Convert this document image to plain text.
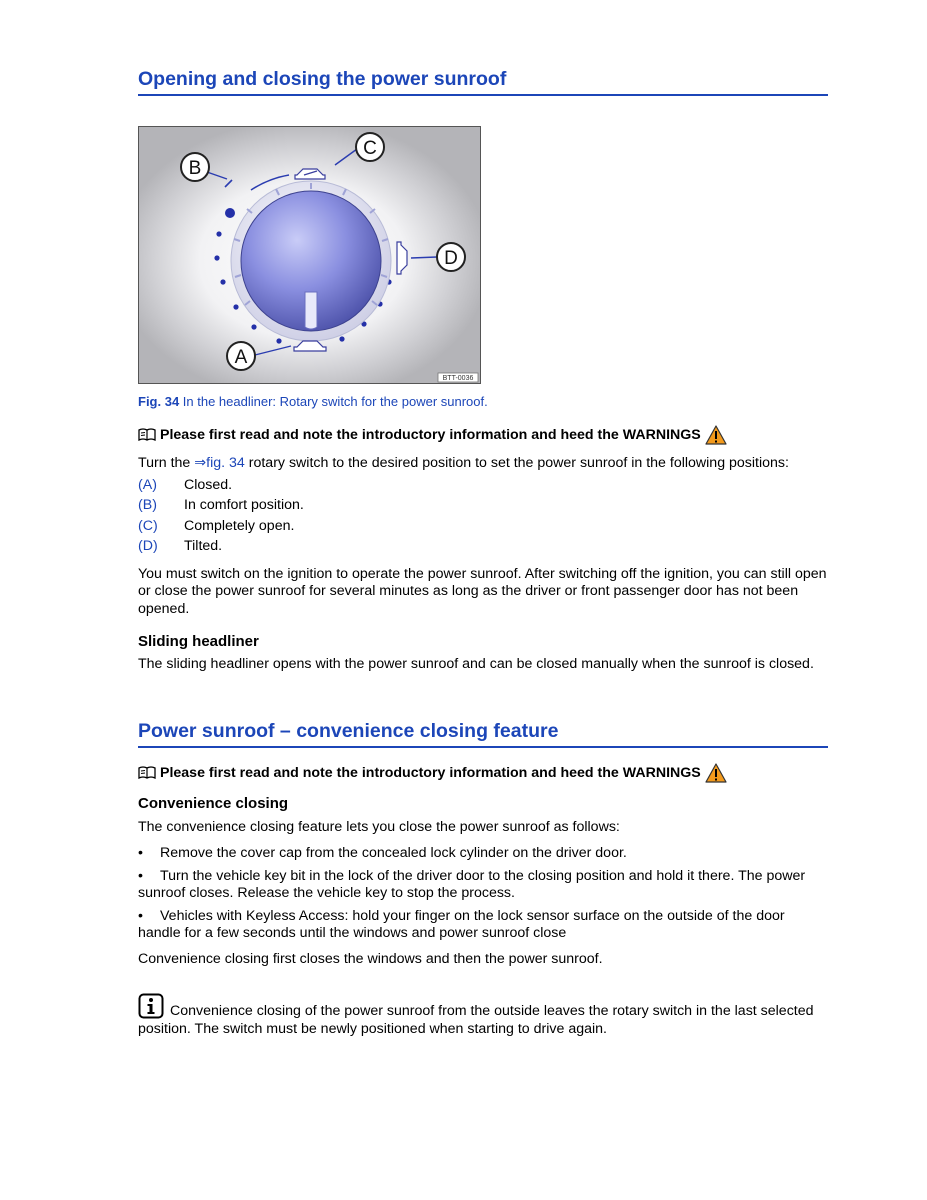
Opening and closing the power sunroof
B
C
D
A
BTT-0036
Fig. 34 In the headliner: Rotary switch for the power sunroof.
Please first read and note the introductory information and heed the WARNINGS

Turn the ⇒fig. 34 rotary switch to the desired position to set the power sunroof in the following positions:

(A)	Closed.
(B)	In comfort position.
(C)	Completely open.
(D)	Tilted.

You must switch on the ignition to operate the power sunroof. After switching off the ignition, you can still open or close the power sunroof for several minutes as long as the driver or front passenger door has not been opened.

Sliding headliner

The sliding headliner opens with the power sunroof and can be closed manually when the sunroof is closed.

Power sunroof – convenience closing feature
Please first read and note the introductory information and heed the WARNINGS
Convenience closing

The convenience closing feature lets you close the power sunroof as follows:

• Remove the cover cap from the concealed lock cylinder on the driver door.

• Turn the vehicle key bit in the lock of the driver door to the closing position and hold it there. The power sunroof closes. Release the vehicle key to stop the process.

• Vehicles with Keyless Access: hold your finger on the lock sensor surface on the outside of the door handle for a few seconds until the windows and power sunroof close

Convenience closing first closes the windows and then the power sunroof.

Convenience closing of the power sunroof from the outside leaves the rotary switch in the last selected position. The switch must be newly positioned when starting to drive again.
